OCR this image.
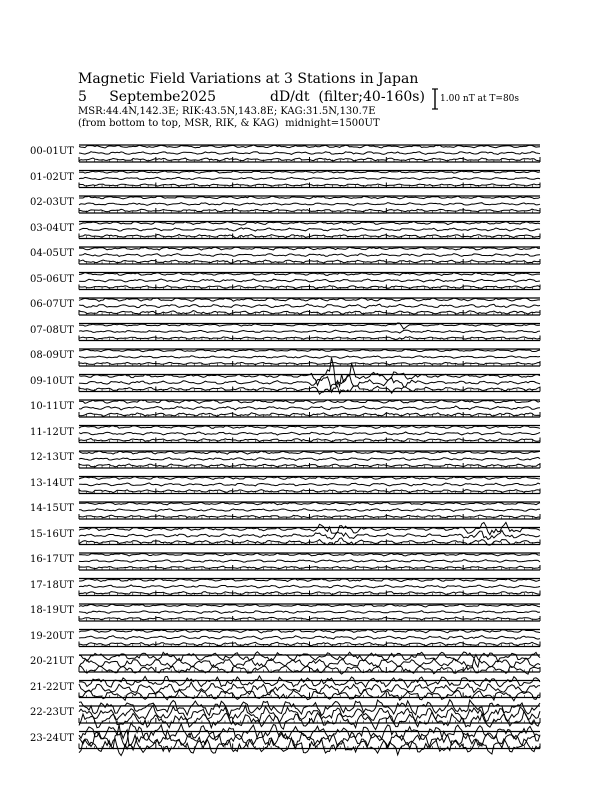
Magnetic Field Variations at 3 Stations in Japan
5 Septembe2025	dD/dt (filter;40-160s)
MSR:44.4N,142.3E; RIK:43.5N,143.8E; KAG:31.5N,130.7E
(from bottom to top, MSR, RIK, & KAG) midnight=1500UT
1.00 nT at T=80s
00-01UT
01-02UT
02-03UT
03-04UT
04-05UT
05-06UT
06-07UT
07-08UT
08-09UT
09-10UT
10-11UT
11-12UT
12-13UT
13-14UT
14-15UT
15-16UT
16-17UT
17-18UT
18-19UT
19-20UT
20-21UT
21-22UT
22-23UT
23-24UT
